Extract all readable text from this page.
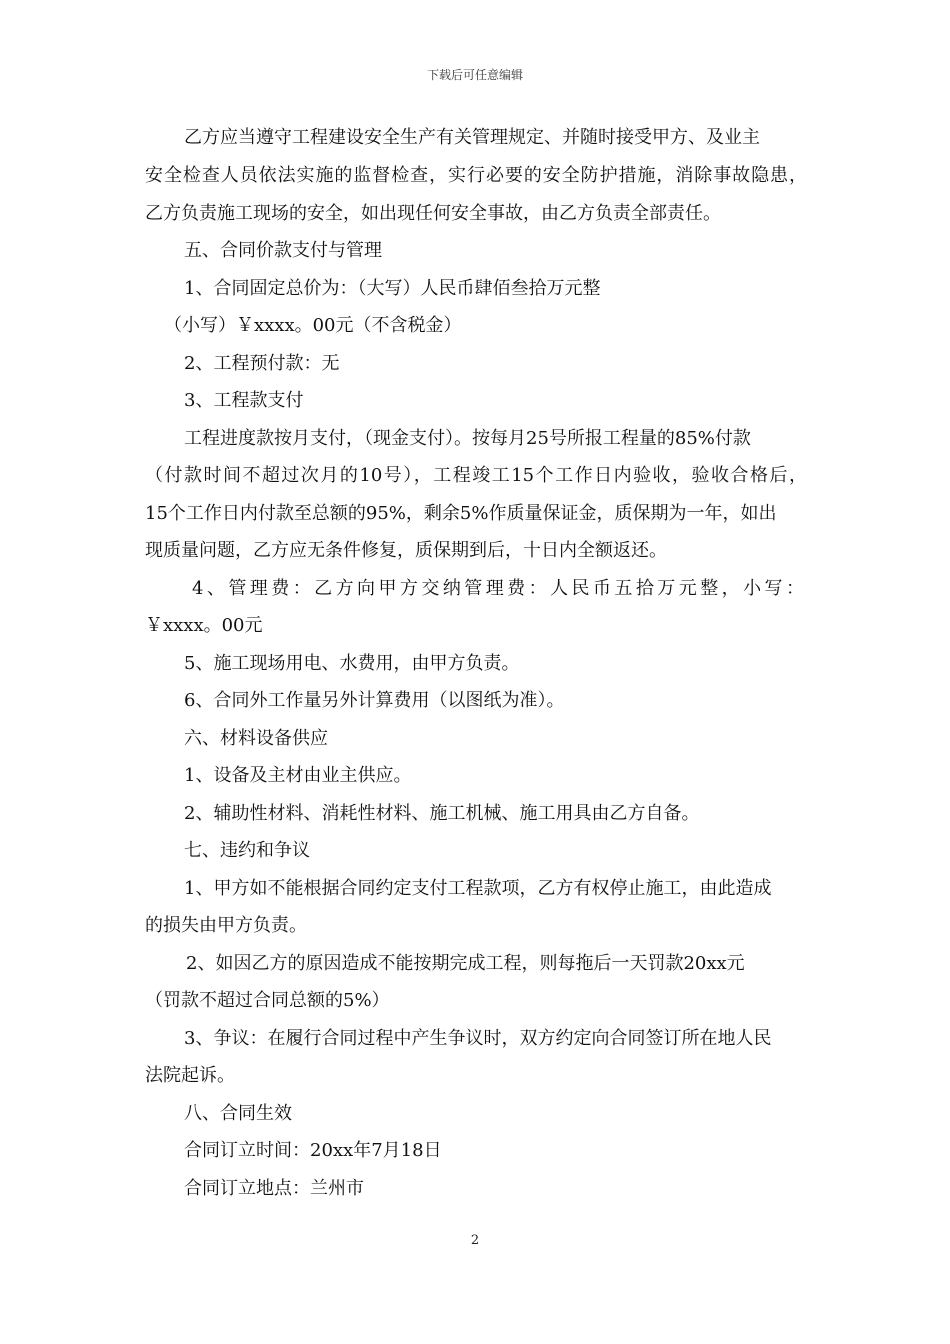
下载后可任意编辑
乙方应当遵守工程建设安全生产有关管理规定、并随时接受甲方、及业主
安全检查人员依法实施的监督检查，实行必要的安全防护措施，消除事故隐患，
乙方负责施工现场的安全，如出现任何安全事故，由乙方负责全部责任。
五、合同价款支付与管理
1、合同固定总价为：（大写）人民币肆佰叁拾万元整
（小写）￥xxxx。00元（不含税金）
2、工程预付款：无
3、工程款支付
工程进度款按月支付，（现金支付）。按每月25号所报工程量的85%付款
（付款时间不超过次月的10号），工程竣工15个工作日内验收，验收合格后，
15个工作日内付款至总额的95%，剩余5%作质量保证金，质保期为一年，如出
现质量问题，乙方应无条件修复，质保期到后，十日内全额返还。
4、管理费：乙方向甲方交纳管理费：人民币五拾万元整，小写：
￥xxxx。00元
5、施工现场用电、水费用，由甲方负责。
6、合同外工作量另外计算费用（以图纸为准）。
六、材料设备供应
1、设备及主材由业主供应。
2、辅助性材料、消耗性材料、施工机械、施工用具由乙方自备。
七、违约和争议
1、甲方如不能根据合同约定支付工程款项，乙方有权停止施工，由此造成
的损失由甲方负责。
2、如因乙方的原因造成不能按期完成工程，则每拖后一天罚款20xx元
（罚款不超过合同总额的5%）
3、争议：在履行合同过程中产生争议时，双方约定向合同签订所在地人民
法院起诉。
八、合同生效
合同订立时间：20xx年7月18日
合同订立地点：兰州市
2
